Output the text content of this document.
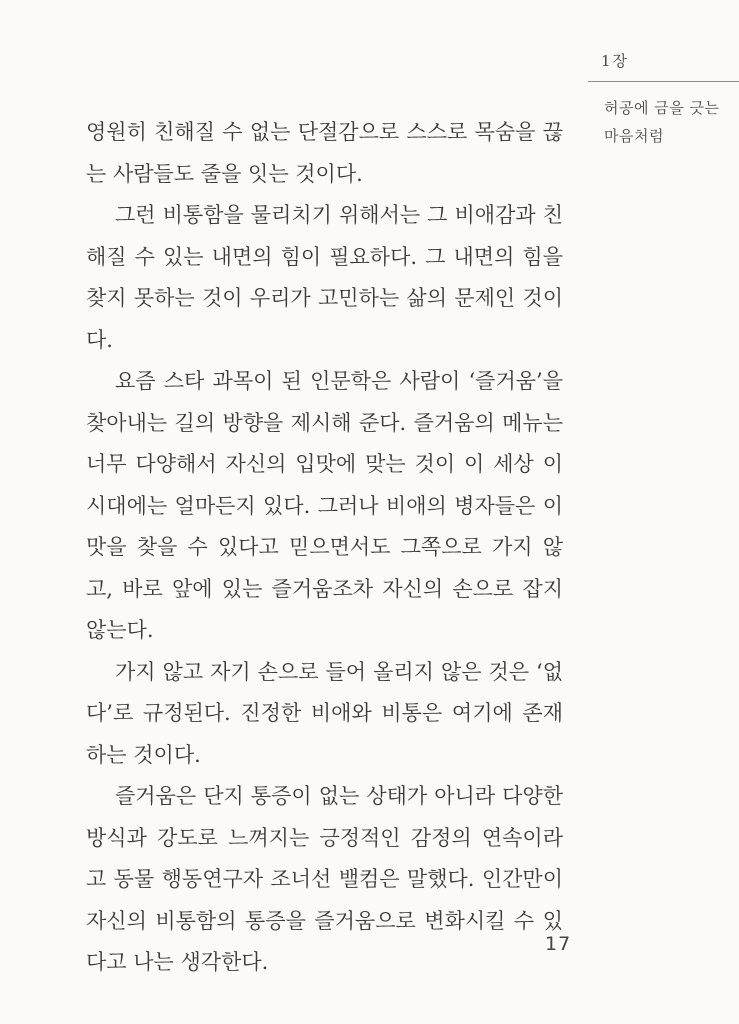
1장
허공에 금을 긋는
마음처럼

영원히 친해질 수 없는 단절감으로 스스로 목숨을 끊는 사람들도 줄을 잇는 것이다.

그런 비통함을 물리치기 위해서는 그 비애감과 친해질 수 있는 내면의 힘이 필요하다. 그 내면의 힘을 찾지 못하는 것이 우리가 고민하는 삶의 문제인 것이다.

요즘 스타 과목이 된 인문학은 사람이 ‘즐거움’을 찾아내는 길의 방향을 제시해 준다. 즐거움의 메뉴는 너무 다양해서 자신의 입맛에 맞는 것이 이 세상 이 시대에는 얼마든지 있다. 그러나 비애의 병자들은 이 맛을 찾을 수 있다고 믿으면서도 그쪽으로 가지 않고, 바로 앞에 있는 즐거움조차 자신의 손으로 잡지 않는다.

가지 않고 자기 손으로 들어 올리지 않은 것은 ‘없다’로 규정된다. 진정한 비애와 비통은 여기에 존재하는 것이다.

즐거움은 단지 통증이 없는 상태가 아니라 다양한 방식과 강도로 느껴지는 긍정적인 감정의 연속이라고 동물 행동연구자 조너선 밸컴은 말했다. 인간만이 자신의 비통함의 통증을 즐거움으로 변화시킬 수 있다고 나는 생각한다.

17
